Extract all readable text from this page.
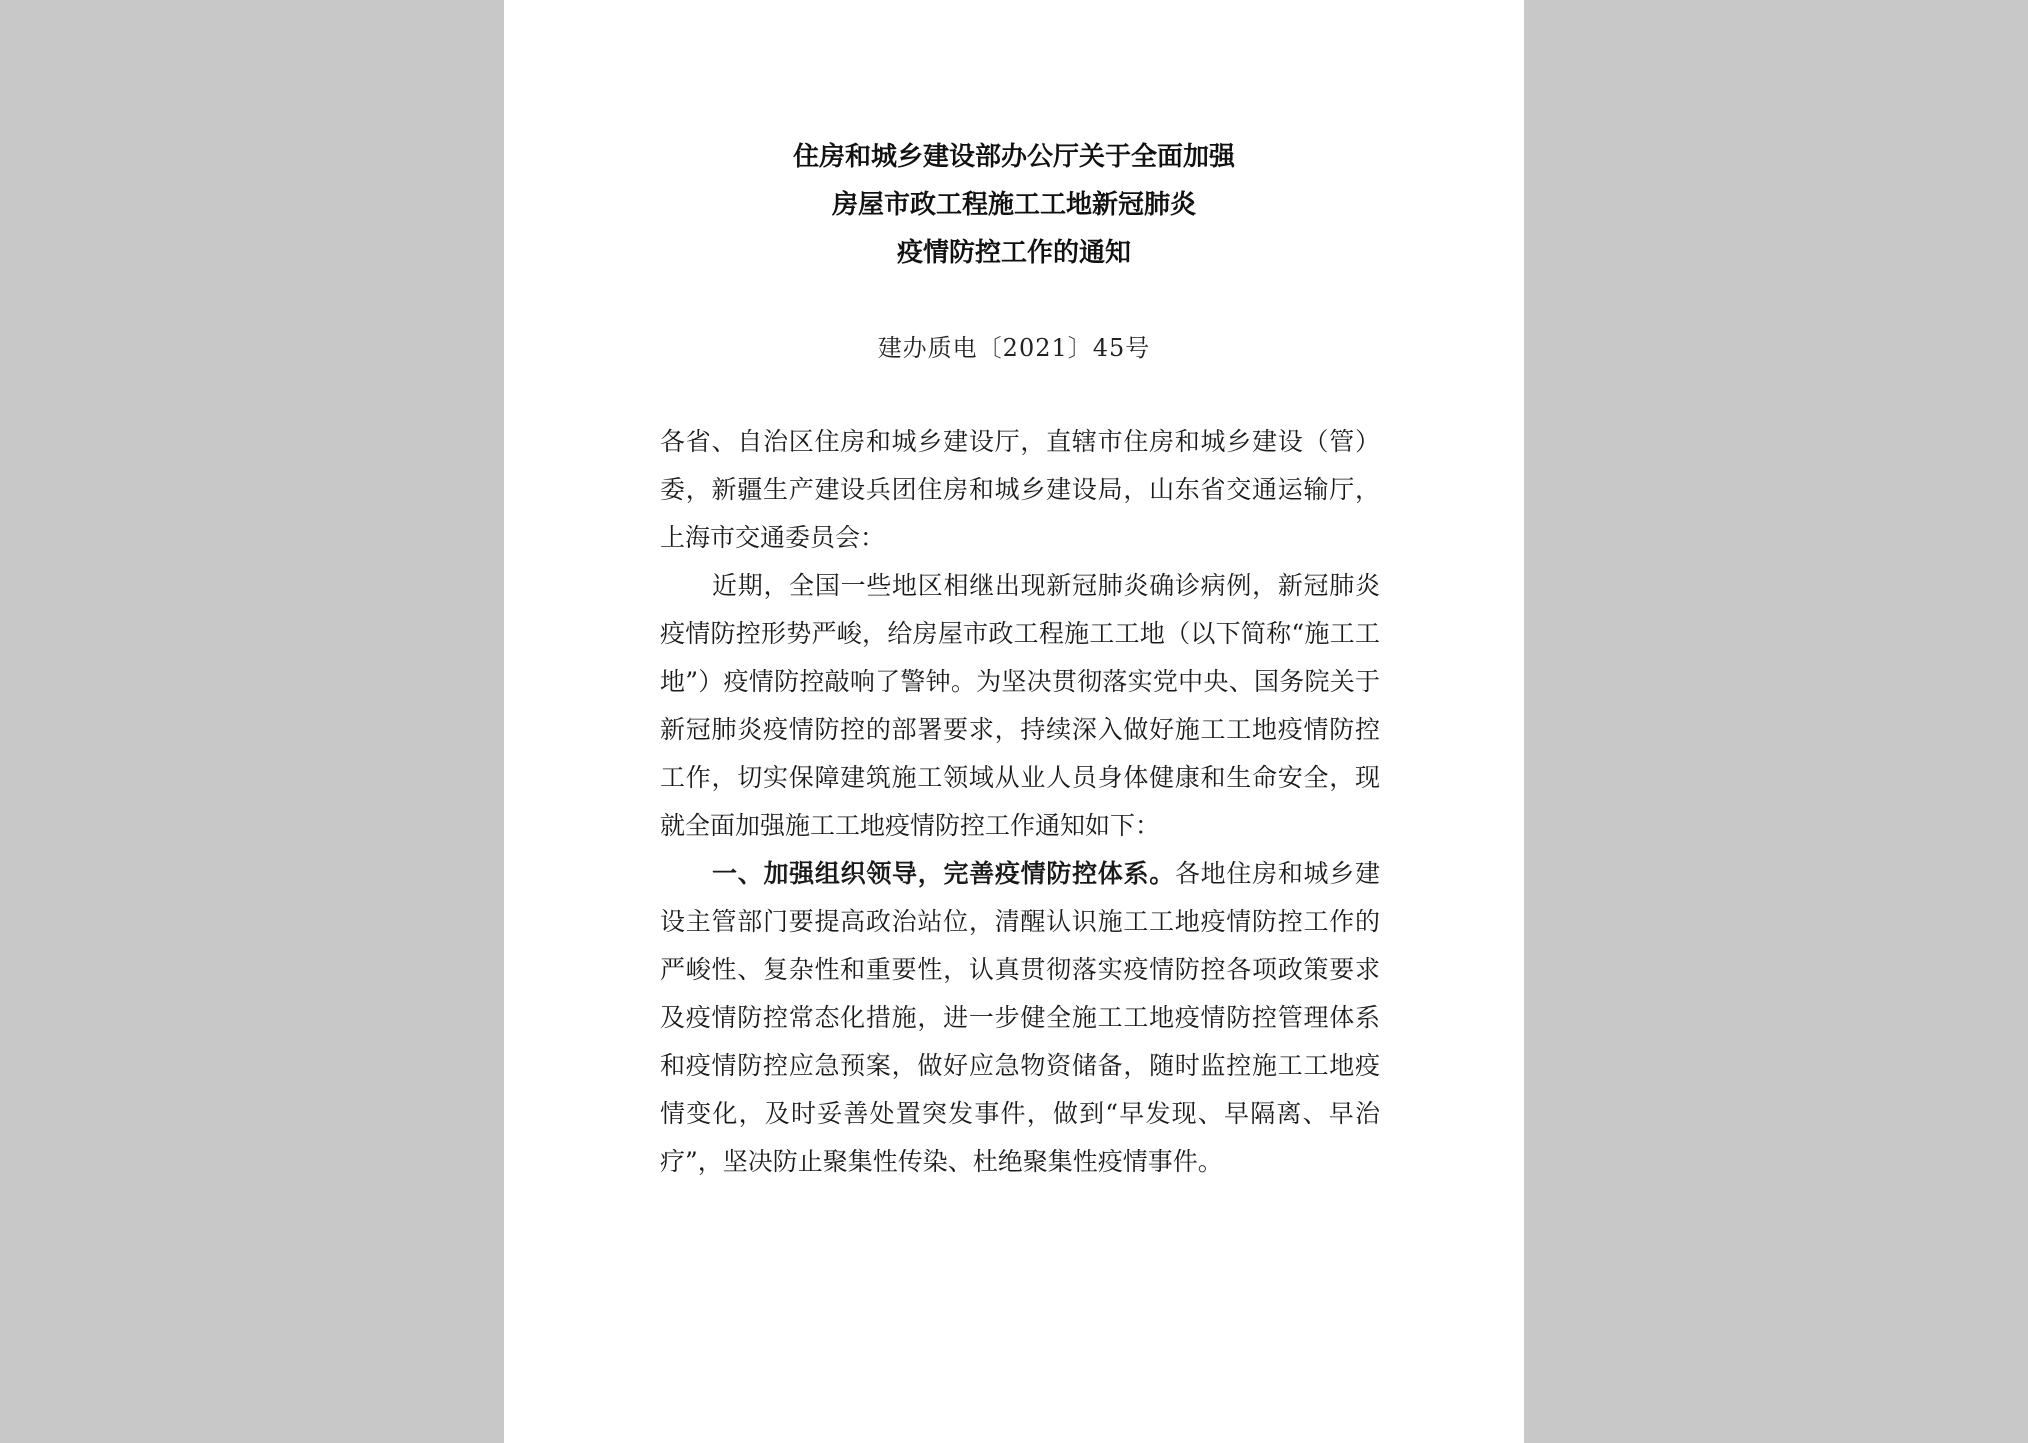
住房和城乡建设部办公厅关于全面加强
房屋市政工程施工工地新冠肺炎
疫情防控工作的通知
建办质电〔2021〕45号

各省、自治区住房和城乡建设厅，直辖市住房和城乡建设（管）委，新疆生产建设兵团住房和城乡建设局，山东省交通运输厅，上海市交通委员会：

近期，全国一些地区相继出现新冠肺炎确诊病例，新冠肺炎疫情防控形势严峻，给房屋市政工程施工工地（以下简称“施工工地”）疫情防控敲响了警钟。为坚决贯彻落实党中央、国务院关于新冠肺炎疫情防控的部署要求，持续深入做好施工工地疫情防控工作，切实保障建筑施工领域从业人员身体健康和生命安全，现就全面加强施工工地疫情防控工作通知如下：

一、加强组织领导，完善疫情防控体系。各地住房和城乡建设主管部门要提高政治站位，清醒认识施工工地疫情防控工作的严峻性、复杂性和重要性，认真贯彻落实疫情防控各项政策要求及疫情防控常态化措施，进一步健全施工工地疫情防控管理体系和疫情防控应急预案，做好应急物资储备，随时监控施工工地疫情变化，及时妥善处置突发事件，做到“早发现、早隔离、早治疗”，坚决防止聚集性传染、杜绝聚集性疫情事件。
